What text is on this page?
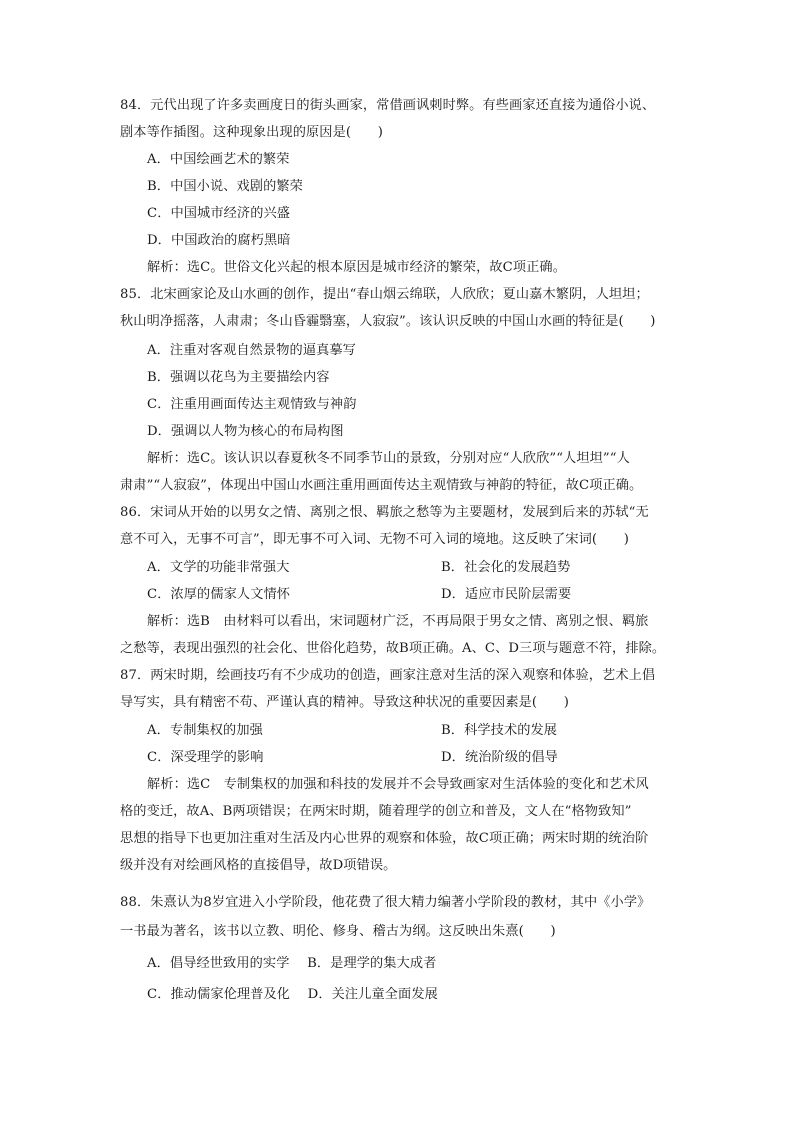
84．元代出现了许多卖画度日的街头画家，常借画讽刺时弊。有些画家还直接为通俗小说、
剧本等作插图。这种现象出现的原因是(　　)
A．中国绘画艺术的繁荣
B．中国小说、戏剧的繁荣
C．中国城市经济的兴盛
D．中国政治的腐朽黑暗
解析：选C。世俗文化兴起的根本原因是城市经济的繁荣，故C项正确。
85．北宋画家论及山水画的创作，提出“春山烟云绵联，人欣欣；夏山嘉木繁阴，人坦坦；
秋山明净摇落，人肃肃；冬山昏霾翳塞，人寂寂”。该认识反映的中国山水画的特征是(　　)
A．注重对客观自然景物的逼真摹写
B．强调以花鸟为主要描绘内容
C．注重用画面传达主观情致与神韵
D．强调以人物为核心的布局构图
解析：选C。该认识以春夏秋冬不同季节山的景致，分别对应“人欣欣”“人坦坦”“人
肃肃”“人寂寂”，体现出中国山水画注重用画面传达主观情致与神韵的特征，故C项正确。
86．宋词从开始的以男女之情、离别之恨、羁旅之愁等为主要题材，发展到后来的苏轼“无
意不可入，无事不可言”，即无事不可入词、无物不可入词的境地。这反映了宋词(　　)
A．文学的功能非常强大	B．社会化的发展趋势
C．浓厚的儒家人文情怀	D．适应市民阶层需要
解析：选B　由材料可以看出，宋词题材广泛，不再局限于男女之情、离别之恨、羁旅
之愁等，表现出强烈的社会化、世俗化趋势，故B项正确。A、C、D三项与题意不符，排除。
87．两宋时期，绘画技巧有不少成功的创造，画家注意对生活的深入观察和体验，艺术上倡
导写实，具有精密不苟、严谨认真的精神。导致这种状况的重要因素是(　　)
A．专制集权的加强	B．科学技术的发展
C．深受理学的影响	D．统治阶级的倡导
解析：选C　专制集权的加强和科技的发展并不会导致画家对生活体验的变化和艺术风
格的变迁，故A、B两项错误；在两宋时期，随着理学的创立和普及，文人在“格物致知”
思想的指导下也更加注重对生活及内心世界的观察和体验，故C项正确；两宋时期的统治阶
级并没有对绘画风格的直接倡导，故D项错误。
88．朱熹认为8岁宜进入小学阶段，他花费了很大精力编著小学阶段的教材，其中《小学》
一书最为著名，该书以立教、明伦、修身、稽古为纲。这反映出朱熹(　　)
A．倡导经世致用的实学　 B．是理学的集大成者
C．推动儒家伦理普及化　 D．关注儿童全面发展
